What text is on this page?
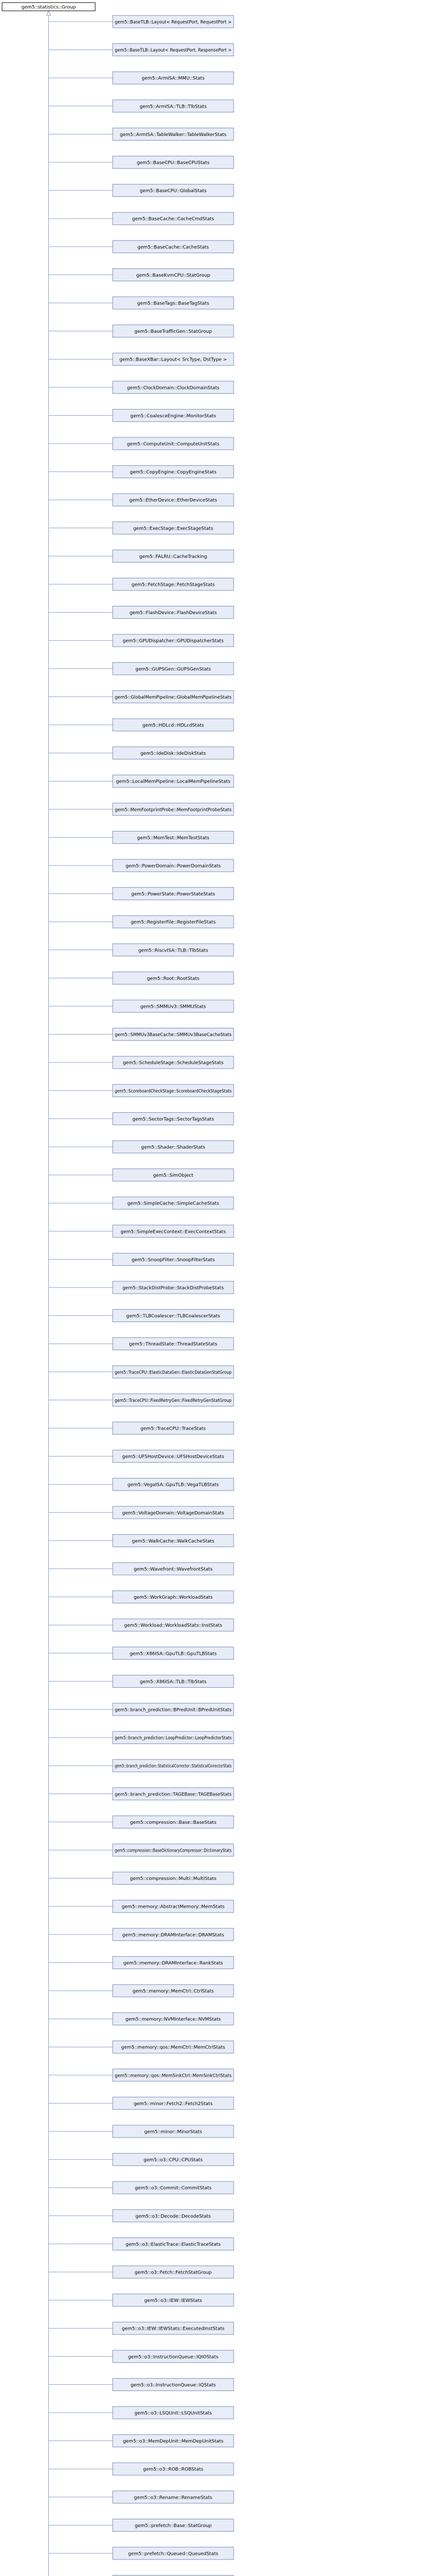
gem5::statistics::Group
gem5::BaseTLB::Layout< RequestPort, RequestPort >
gem5::BaseTLB::Layout< RequestPort, ResponsePort >
gem5::ArmISA::MMU::Stats
gem5::ArmISA::TLB::TlbStats
gem5::ArmISA::TableWalker::TableWalkerStats
gem5::BaseCPU::BaseCPUStats
gem5::BaseCPU::GlobalStats
gem5::BaseCache::CacheCmdStats
gem5::BaseCache::CacheStats
gem5::BaseKvmCPU::StatGroup
gem5::BaseTags::BaseTagStats
gem5::BaseTrafficGen::StatGroup
gem5::BaseXBar::Layout< SrcType, DstType >
gem5::ClockDomain::ClockDomainStats
gem5::CoalesceEngine::MonitorStats
gem5::ComputeUnit::ComputeUnitStats
gem5::CopyEngine::CopyEngineStats
gem5::EtherDevice::EtherDeviceStats
gem5::ExecStage::ExecStageStats
gem5::FALRU::CacheTracking
gem5::FetchStage::FetchStageStats
gem5::FlashDevice::FlashDeviceStats
gem5::GPUDispatcher::GPUDispatcherStats
gem5::GUPSGen::GUPSGenStats
gem5::GlobalMemPipeline::GlobalMemPipelineStats
gem5::HDLcd::HDLcdStats
gem5::IdeDisk::IdeDiskStats
gem5::LocalMemPipeline::LocalMemPipelineStats
gem5::MemFootprintProbe::MemFootprintProbeStats
gem5::MemTest::MemTestStats
gem5::PowerDomain::PowerDomainStats
gem5::PowerState::PowerStateStats
gem5::RegisterFile::RegisterFileStats
gem5::RiscvISA::TLB::TlbStats
gem5::Root::RootStats
gem5::SMMUv3::SMMUStats
gem5::SMMUv3BaseCache::SMMUv3BaseCacheStats
gem5::ScheduleStage::ScheduleStageStats
gem5::ScoreboardCheckStage::ScoreboardCheckStageStats
gem5::SectorTags::SectorTagsStats
gem5::Shader::ShaderStats
gem5::SimObject
gem5::SimpleCache::SimpleCacheStats
gem5::SimpleExecContext::ExecContextStats
gem5::SnoopFilter::SnoopFilterStats
gem5::StackDistProbe::StackDistProbeStats
gem5::TLBCoalescer::TLBCoalescerStats
gem5::ThreadState::ThreadStateStats
gem5::TraceCPU::ElasticDataGen::ElasticDataGenStatGroup
gem5::TraceCPU::FixedRetryGen::FixedRetryGenStatGroup
gem5::TraceCPU::TraceStats
gem5::UFSHostDevice::UFSHostDeviceStats
gem5::VegaISA::GpuTLB::VegaTLBStats
gem5::VoltageDomain::VoltageDomainStats
gem5::WalkCache::WalkCacheStats
gem5::Wavefront::WavefrontStats
gem5::WorkGraph::WorkloadStats
gem5::Workload::WorkloadStats::InstStats
gem5::X86ISA::GpuTLB::GpuTLBStats
gem5::X86ISA::TLB::TlbStats
gem5::branch_prediction::BPredUnit::BPredUnitStats
gem5::branch_prediction::LoopPredictor::LoopPredictorStats
gem5::branch_prediction::StatisticalCorrector::StatisticalCorrectorStats
gem5::branch_prediction::TAGEBase::TAGEBaseStats
gem5::compression::Base::BaseStats
gem5::compression::BaseDictionaryCompressor::DictionaryStats
gem5::compression::Multi::MultiStats
gem5::memory::AbstractMemory::MemStats
gem5::memory::DRAMInterface::DRAMStats
gem5::memory::DRAMInterface::RankStats
gem5::memory::MemCtrl::CtrlStats
gem5::memory::NVMInterface::NVMStats
gem5::memory::qos::MemCtrl::MemCtrlStats
gem5::memory::qos::MemSinkCtrl::MemSinkCtrlStats
gem5::minor::Fetch2::Fetch2Stats
gem5::minor::MinorStats
gem5::o3::CPU::CPUStats
gem5::o3::Commit::CommitStats
gem5::o3::Decode::DecodeStats
gem5::o3::ElasticTrace::ElasticTraceStats
gem5::o3::Fetch::FetchStatGroup
gem5::o3::IEW::IEWStats
gem5::o3::IEW::IEWStats::ExecutedInstStats
gem5::o3::InstructionQueue::IQIOStats
gem5::o3::InstructionQueue::IQStats
gem5::o3::LSQUnit::LSQUnitStats
gem5::o3::MemDepUnit::MemDepUnitStats
gem5::o3::ROB::ROBStats
gem5::o3::Rename::RenameStats
gem5::prefetch::Base::StatGroup
gem5::prefetch::Queued::QueuedStats
